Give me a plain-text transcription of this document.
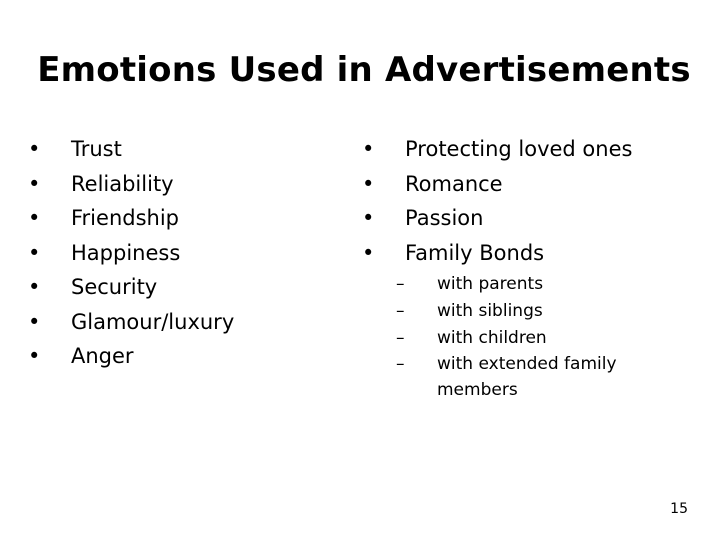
Emotions Used in Advertisements
• Trust
• Reliability
• Friendship
• Happiness
• Security
• Glamour/luxury
• Anger
• Protecting loved ones
• Romance
• Passion
• Family Bonds
– with parents
– with siblings
– with children
– with extended family members
15
